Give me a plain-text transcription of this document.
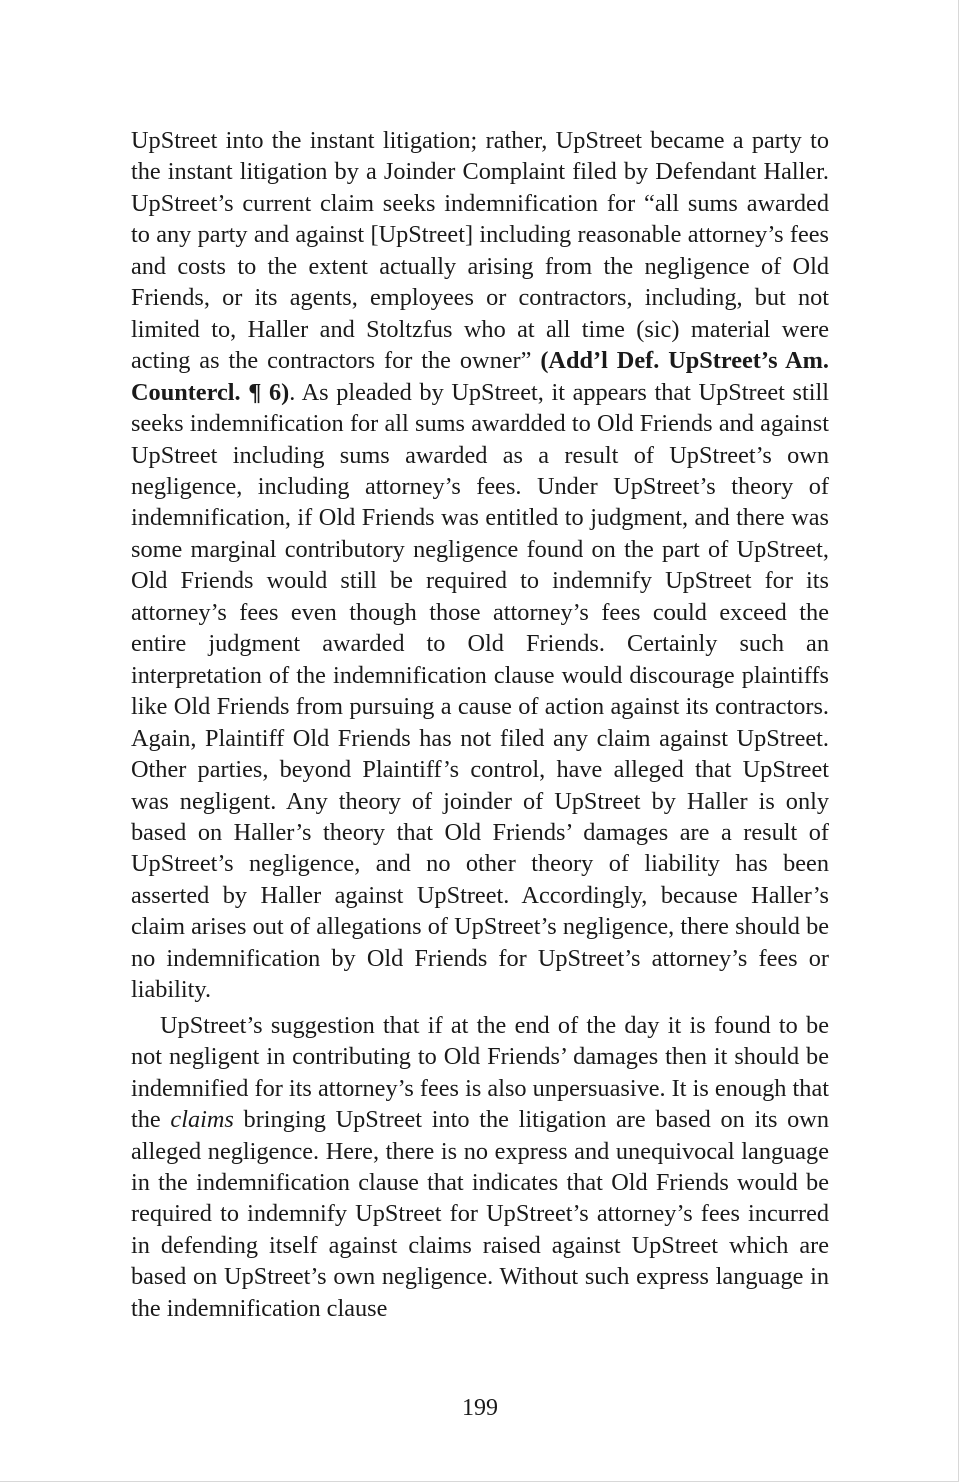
UpStreet into the instant litigation; rather, UpStreet became a party to the instant litigation by a Joinder Complaint filed by Defendant Haller. UpStreet’s current claim seeks indemnification for “all sums awarded to any party and against [UpStreet] including reasonable attorney’s fees and costs to the extent actually arising from the negligence of Old Friends, or its agents, employees or contractors, including, but not limited to, Haller and Stoltzfus who at all time (sic) material were acting as the contractors for the owner” (Add’l Def. UpStreet’s Am. Countercl. ¶ 6). As pleaded by UpStreet, it appears that UpStreet still seeks indemnification for all sums awardded to Old Friends and against UpStreet including sums awarded as a result of UpStreet’s own negligence, including attorney’s fees. Under UpStreet’s theory of indemnification, if Old Friends was entitled to judgment, and there was some marginal contributory negligence found on the part of UpStreet, Old Friends would still be required to indemnify UpStreet for its attorney’s fees even though those attorney’s fees could exceed the entire judgment awarded to Old Friends. Certainly such an interpretation of the indemnification clause would discourage plaintiffs like Old Friends from pursuing a cause of action against its contractors. Again, Plaintiff Old Friends has not filed any claim against UpStreet. Other parties, beyond Plaintiff’s control, have alleged that UpStreet was negligent. Any theory of joinder of UpStreet by Haller is only based on Haller’s theory that Old Friends’ damages are a result of UpStreet’s negligence, and no other theory of liability has been asserted by Haller against UpStreet. Accordingly, because Haller’s claim arises out of allegations of UpStreet’s negligence, there should be no indemnification by Old Friends for UpStreet’s attorney’s fees or liability.

UpStreet’s suggestion that if at the end of the day it is found to be not negligent in contributing to Old Friends’ damages then it should be indemnified for its attorney’s fees is also unpersuasive. It is enough that the claims bringing UpStreet into the litigation are based on its own alleged negligence. Here, there is no express and unequivocal language in the indemnification clause that indicates that Old Friends would be required to indemnify UpStreet for UpStreet’s attorney’s fees incurred in defending itself against claims raised against UpStreet which are based on UpStreet’s own negligence. Without such express language in the indemnification clause

199
